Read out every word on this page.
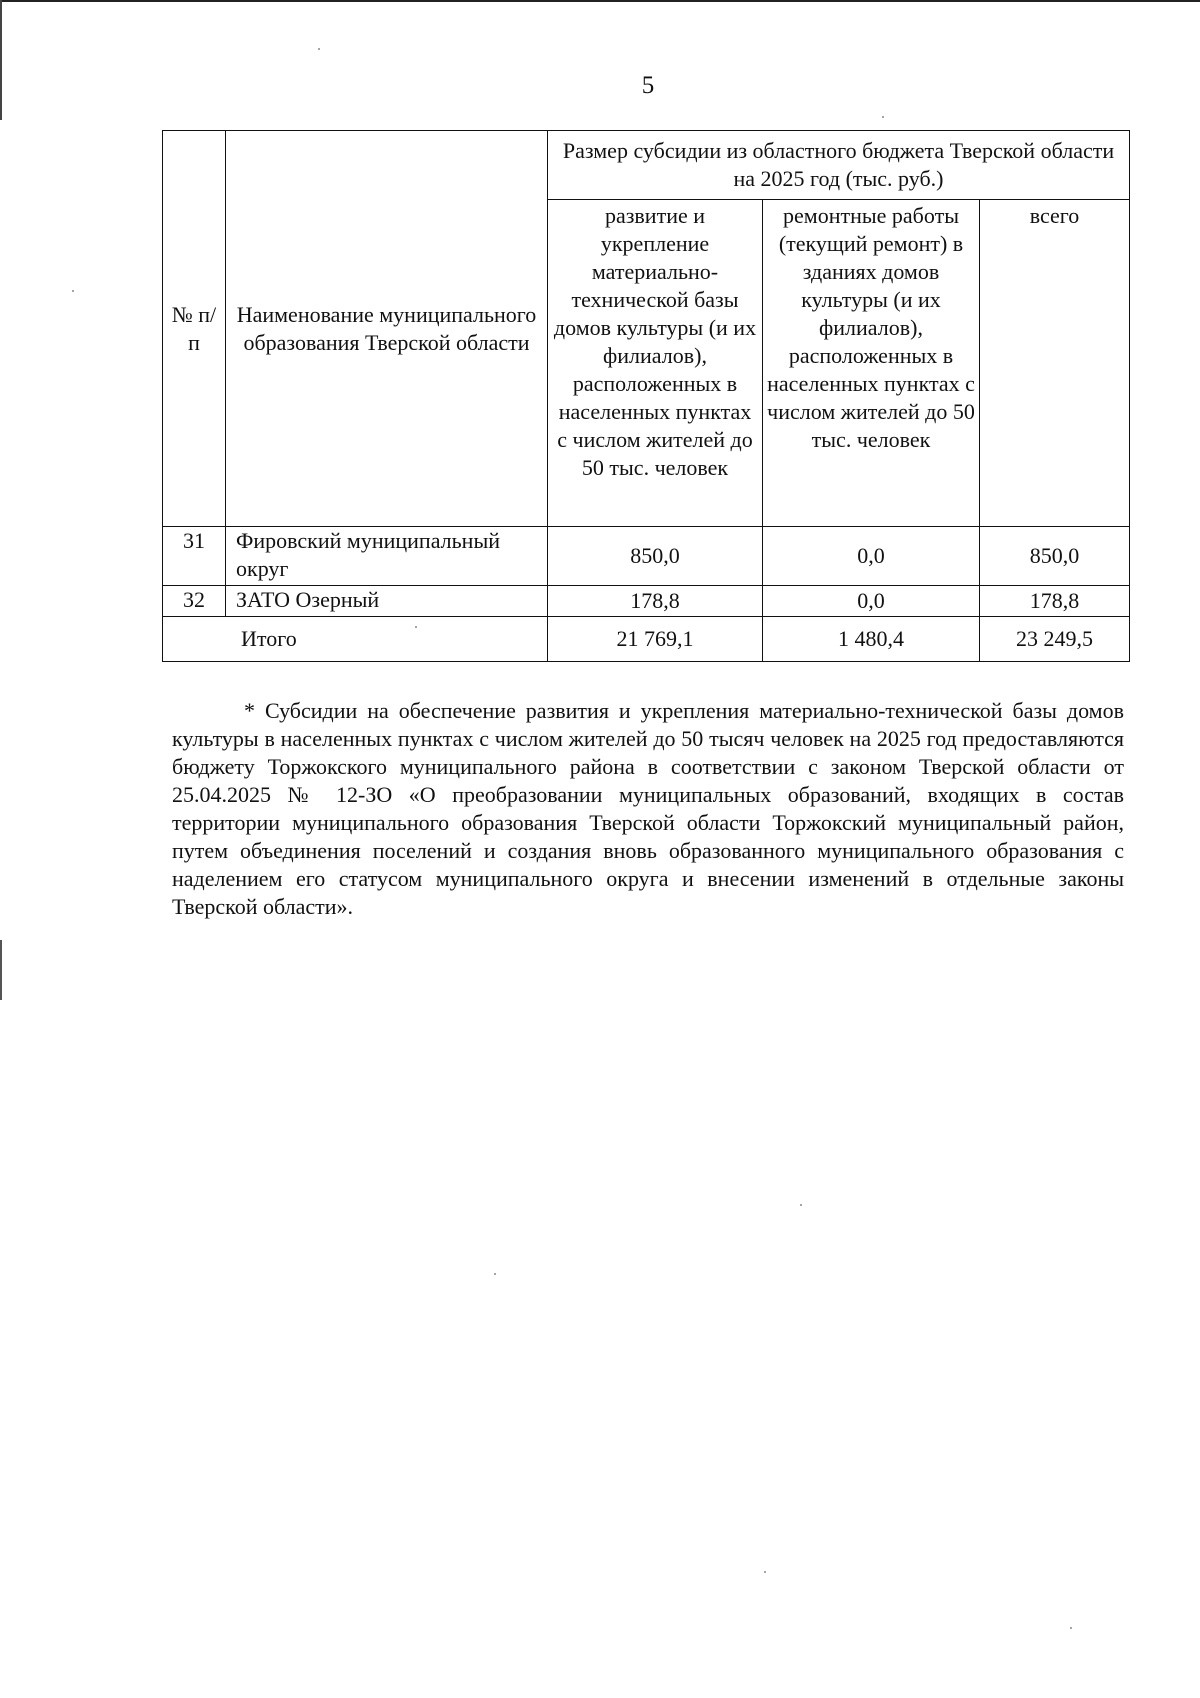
5
№ п/п	Наименование муниципального образования Тверской области	Размер субсидии из областного бюджета Тверской области на 2025 год (тыс. руб.)		
		развитие и укрепление материально-технической базы домов культуры (и их филиалов), расположенных в населенных пунктах с числом жителей до 50 тыс. человек	ремонтные работы (текущий ремонт) в зданиях домов культуры (и их филиалов), расположенных в населенных пунктах с числом жителей до 50 тыс. человек	всего
31	Фировский муниципальный округ	850,0	0,0	850,0
32	ЗАТО Озерный	178,8	0,0	178,8
Итого		21 769,1	1 480,4	23 249,5

* Субсидии на обеспечение развития и укрепления материально-технической базы домов культуры в населенных пунктах с числом жителей до 50 тысяч человек на 2025 год предоставляются бюджету Торжокского муниципального района в соответствии с законом Тверской области от 25.04.2025 № 12-ЗО «О преобразовании муниципальных образований, входящих в состав территории муниципального образования Тверской области Торжокский муниципальный район, путем объединения поселений и создания вновь образованного муниципального образования с наделением его статусом муниципального округа и внесении изменений в отдельные законы Тверской области».
